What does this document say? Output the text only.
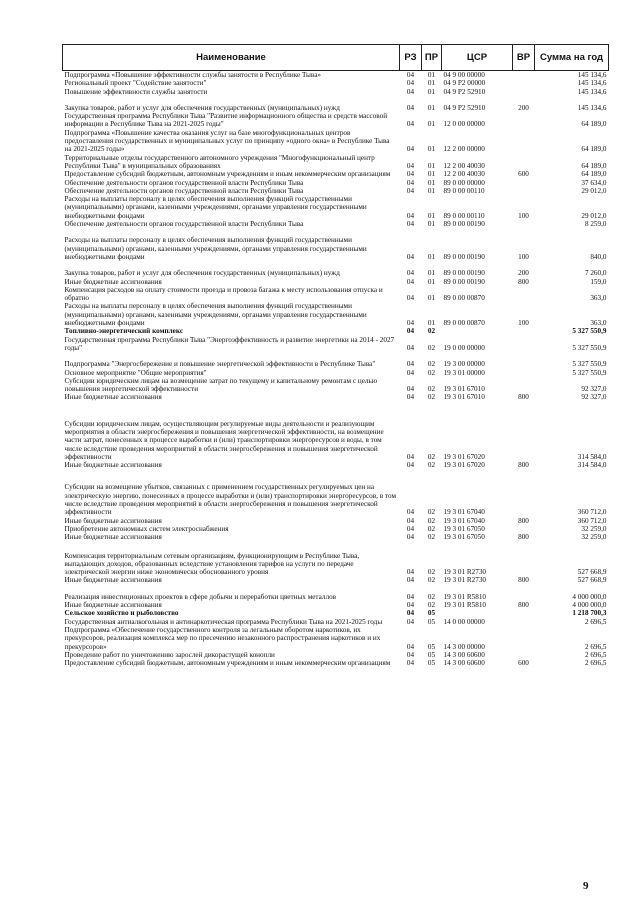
Наименование	РЗ	ПР	ЦСР	ВР	Сумма на год
Подпрограмма «Повышение эффективности службы занятости в Республике Тыва»	04	01	04 9 00 00000		145 134,6
Региональный проект "Содействие занятости"	04	01	04 9 P2 00000		145 134,6
Повышение эффективности службы занятости	04	01	04 9 P2 52910		145 134,6
Закупка товаров, работ и услуг для обеспечения государственных (муниципальных) нужд	04	01	04 9 P2 52910	200	145 134,6
Государственная программа Республики Тыва "Развитие информационного общества и средств массовой информации в Республике Тыва на 2021-2025 годы"	04	01	12 0 00 00000		64 189,0
Подпрограмма «Повышение качества оказания услуг на базе многофункциональных центров предоставления государственных и муниципальных услуг по принципу «одного окна» в Республике Тыва на 2021-2025 годы»	04	01	12 2 00 00000		64 189,0
Территориальные отделы государственного автономного учреждения "Многофункциональный центр Республики Тыва" в муниципальных образованиях	04	01	12 2 00 40030		64 189,0
Предоставление субсидий бюджетным, автономным учреждениям и иным некоммерческим организациям	04	01	12 2 00 40030	600	64 189,0
Обеспечение деятельности органов государственной власти Республики Тыва	04	01	89 0 00 00000		37 634,0
Обеспечение деятельности органов государственной власти Республики Тыва	04	01	89 0 00 00110		29 012,0
Расходы на выплаты персоналу в целях обеспечения выполнения функций государственными (муниципальными) органами, казенными учреждениями, органами управления государственными внебюджетными фондами	04	01	89 0 00 00110	100	29 012,0
Обеспечение деятельности органов государственной власти Республики Тыва	04	01	89 0 00 00190		8 259,0
Расходы на выплаты персоналу в целях обеспечения выполнения функций государственными (муниципальными) органами, казенными учреждениями, органами управления государственными внебюджетными фондами	04	01	89 0 00 00190	100	840,0
Закупка товаров, работ и услуг для обеспечения государственных (муниципальных) нужд	04	01	89 0 00 00190	200	7 260,0
Иные бюджетные ассигнования	04	01	89 0 00 00190	800	159,0
Компенсация расходов на оплату стоимости проезда и провоза багажа к месту использования отпуска и обратно	04	01	89 0 00 00870		363,0
Расходы на выплаты персоналу в целях обеспечения выполнения функций государственными (муниципальными) органами, казенными учреждениями, органами управления государственными внебюджетными фондами	04	01	89 0 00 00870	100	363,0
Топливно-энергетический комплекс	04	02			5 327 550,9
Государственная программа Республики Тыва "Энергоэффективность и развитие энергетики на 2014 - 2027 годы"	04	02	19 0 00 00000		5 327 550,9
Подпрограмма "Энергосбережение и повышение энергетической эффективности в Республике Тыва"	04	02	19 3 00 00000		5 327 550,9
Основное мероприятие "Общие мероприятия"	04	02	19 3 01 00000		5 327 550,9
Субсидии юридическим лицам на возмещение затрат по текущему и капитальному ремонтам с целью повышения энергетической эффективности	04	02	19 3 01 67010		92 327,0
Иные бюджетные ассигнования	04	02	19 3 01 67010	800	92 327,0
Субсидии юридическим лицам, осуществляющим регулируемые виды деятельности и реализующим мероприятия в области энергосбережения и повышения энергетической эффективности, на возмещение части затрат, понесенных в процессе выработки и (или) транспортировки энергоресурсов и воды, в том числе вследствие проведения мероприятий в области энергосбережения и повышения энергетической эффективности	04	02	19 3 01 67020		314 584,0
Иные бюджетные ассигнования	04	02	19 3 01 67020	800	314 584,0
Субсидии на возмещение убытков, связанных с применением государственных регулируемых цен на электрическую энергию, понесенных в процессе выработки и (или) транспортировки энергоресурсов, в том числе вследствие проведения мероприятий в области энергосбережения и повышения энергетической эффективности	04	02	19 3 01 67040		360 712,0
Иные бюджетные ассигнования	04	02	19 3 01 67040	800	360 712,0
Приобретение автономных систем электроснабжения	04	02	19 3 01 67050		32 259,0
Иные бюджетные ассигнования	04	02	19 3 01 67050	800	32 259,0
Компенсация территориальным сетевым организациям, функционирующим в Республике Тыва, выпадающих доходов, образованных вследствие установления тарифов на услуги по передаче электрической энергии ниже экономически обоснованного уровня	04	02	19 3 01 R2730		527 668,9
Иные бюджетные ассигнования	04	02	19 3 01 R2730	800	527 668,9
Реализация инвестиционных проектов в сфере добычи и переработки цветных металлов	04	02	19 3 01 R5810		4 000 000,0
Иные бюджетные ассигнования	04	02	19 3 01 R5810	800	4 000 000,0
Сельское хозяйство и рыболовство	04	05			1 218 700,3
Государственная антиалкогольная и антинаркотическая программа Республики Тыва на 2021-2025 годы	04	05	14 0 00 00000		2 696,5
Подпрограмма «Обеспечение государственного контроля за легальным оборотом наркотиков, их прекурсоров, реализация комплекса мер по пресечению незаконного распространения наркотиков и их прекурсоров»	04	05	14 3 00 00000		2 696,5
Проведение работ по уничтожению зарослей дикорастущей конопли	04	05	14 3 00 60600		2 696,5
Предоставление субсидий бюджетным, автономным учреждениям и иным некоммерческим организациям	04	05	14 3 00 60600	600	2 696,5
9
